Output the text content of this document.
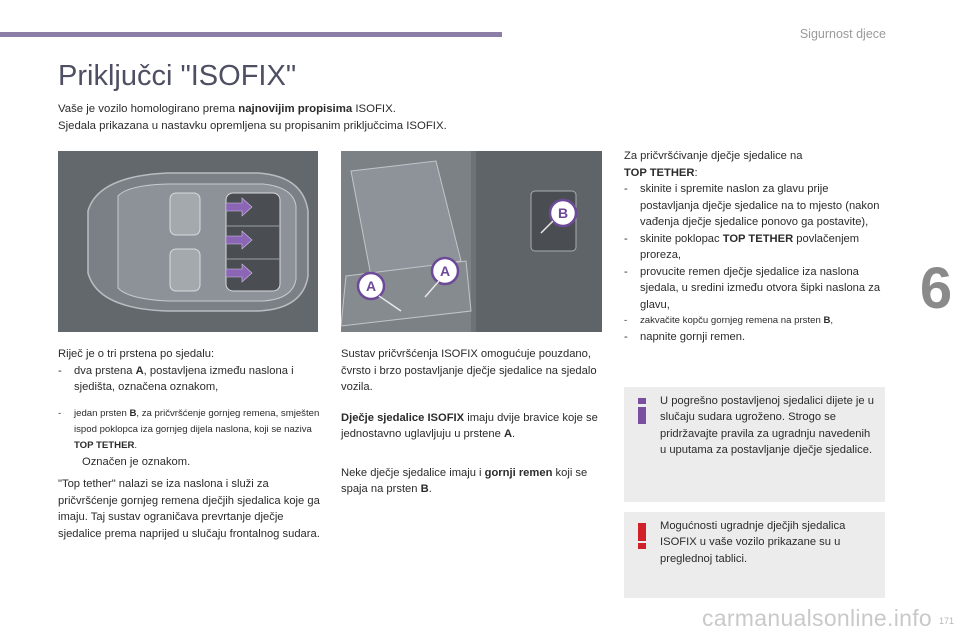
Sigurnost djece
6
Priključci "ISOFIX"
Vaše je vozilo homologirano prema najnovijim propisima ISOFIX.
Sjedala prikazana u nastavku opremljena su propisanim priključcima ISOFIX.
A
A
B
Riječ je o tri prstena po sjedalu:
-	dva prstena A, postavljena između naslona i sjedišta, označena oznakom,
-	jedan prsten B, za pričvršćenje gornjeg remena, smješten ispod poklopca iza gornjeg dijela naslona, koji se naziva TOP TETHER.
Označen je oznakom.
"Top tether" nalazi se iza naslona i služi za pričvršćenje gornjeg remena dječjih sjedalica koje ga imaju. Taj sustav ograničava prevrtanje dječje sjedalice prema naprijed u slučaju frontalnog sudara.
Sustav pričvršćenja ISOFIX omogućuje pouzdano, čvrsto i brzo postavljanje dječje sjedalice na sjedalo vozila.
Dječje sjedalice ISOFIX imaju dvije bravice koje se jednostavno uglavljuju u prstene A.
Neke dječje sjedalice imaju i gornji remen koji se spaja na prsten B.
Za pričvršćivanje dječje sjedalice na
TOP TETHER:
-	skinite i spremite naslon za glavu prije postavljanja dječje sjedalice na to mjesto (nakon vađenja dječje sjedalice ponovo ga postavite),
-	skinite poklopac TOP TETHER povlačenjem proreza,
-	provucite remen dječje sjedalice iza naslona sjedala, u sredini između otvora šipki naslona za glavu,
-	zakvačite kopču gornjeg remena na prsten B,
-	napnite gornji remen.
U pogrešno postavljenoj sjedalici dijete je u slučaju sudara ugroženo. Strogo se pridržavajte pravila za ugradnju navedenih u uputama za postavljanje dječje sjedalice.
Mogućnosti ugradnje dječjih sjedalica ISOFIX u vaše vozilo prikazane su u preglednoj tablici.
171
carmanualsonline.info
